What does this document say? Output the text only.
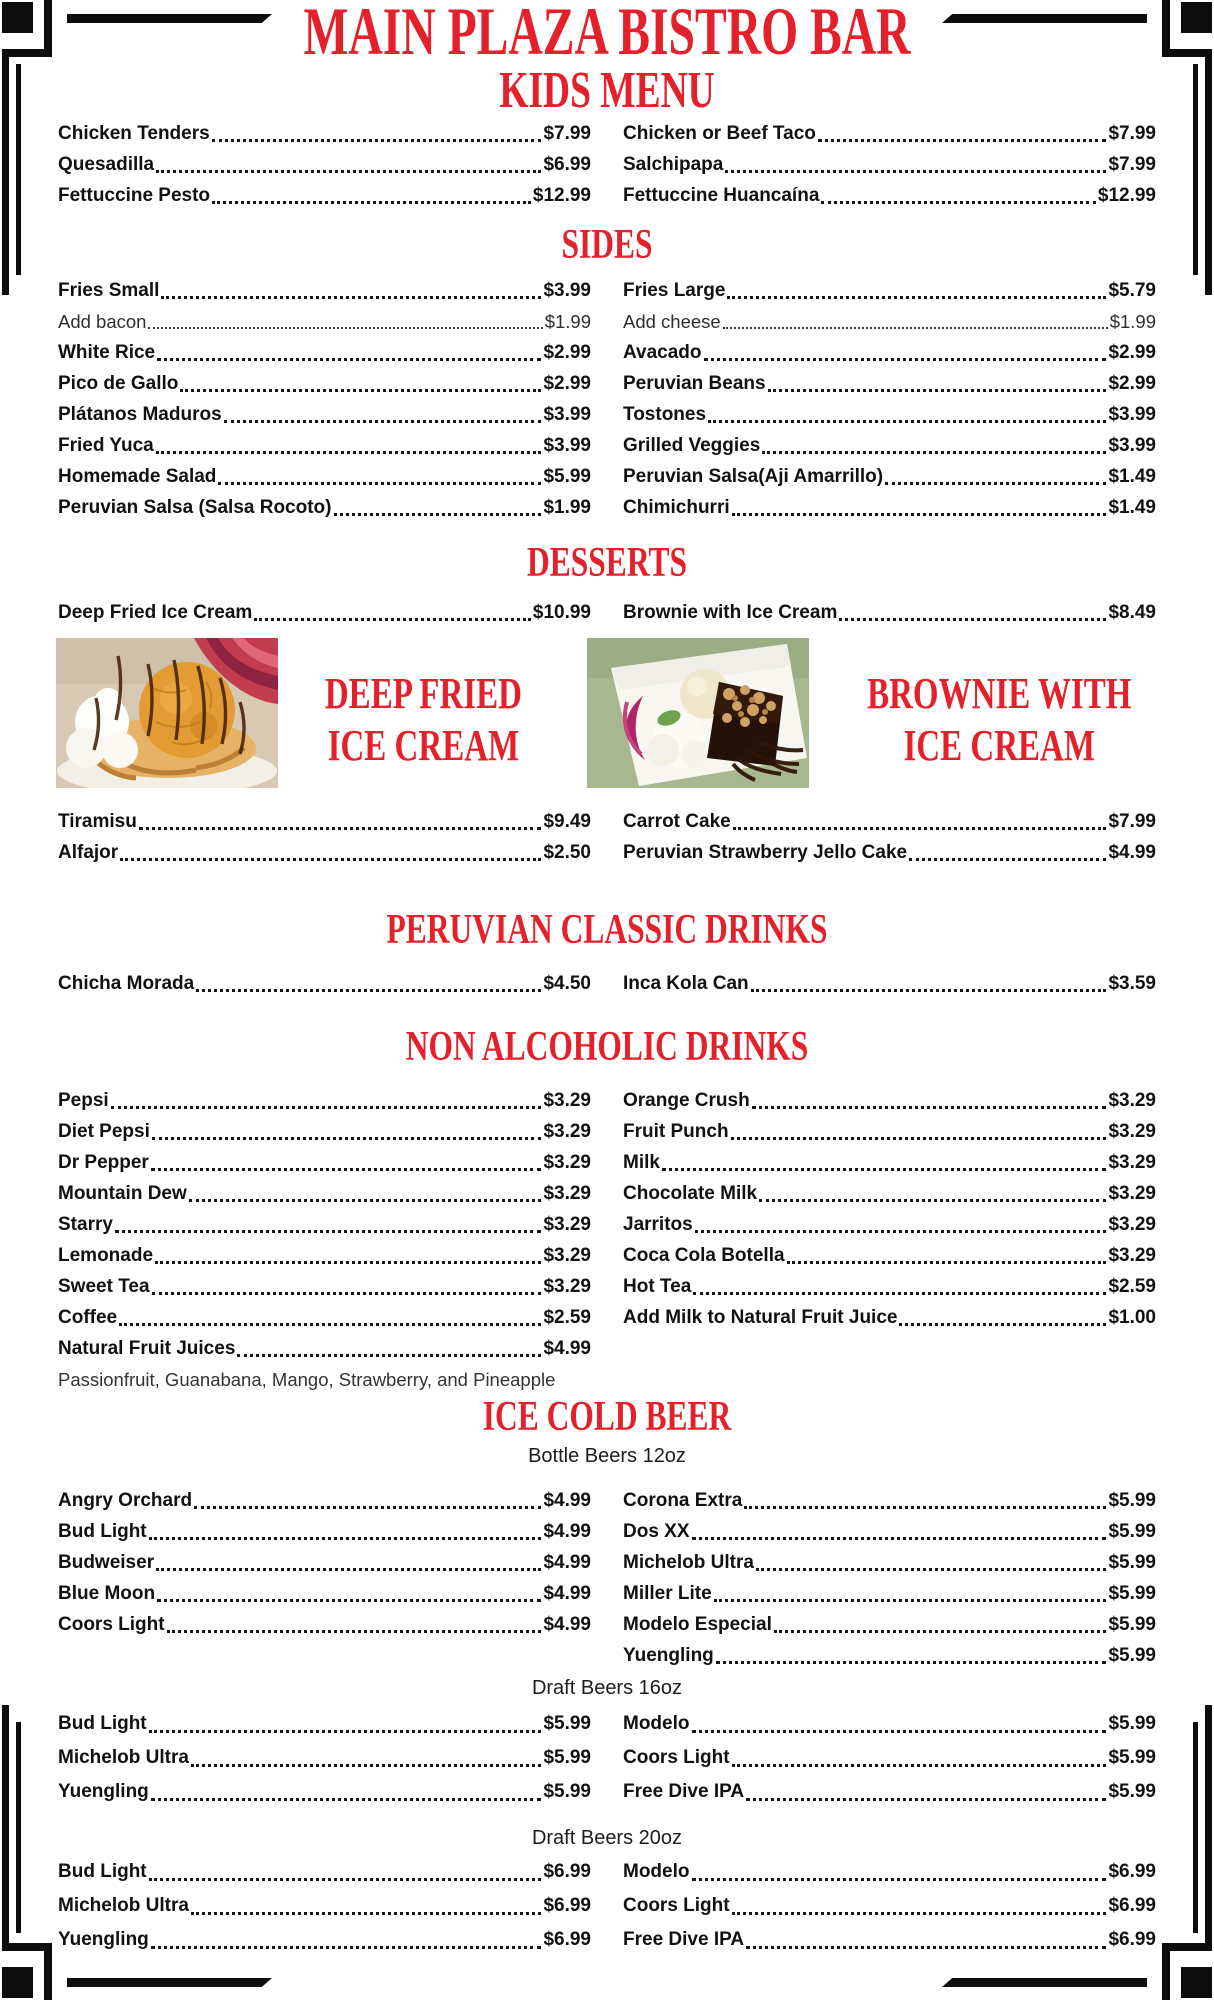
MAIN PLAZA BISTRO BAR
KIDS MENU
Chicken Tenders	$7.99
Quesadilla	$6.99
Fettuccine Pesto	$12.99
Chicken or Beef Taco	$7.99
Salchipapa	$7.99
Fettuccine Huancaína	$12.99
SIDES
Fries Small	$3.99
Add bacon	$1.99
White Rice	$2.99
Pico de Gallo	$2.99
Plátanos Maduros	$3.99
Fried Yuca	$3.99
Homemade Salad	$5.99
Peruvian Salsa (Salsa Rocoto)	$1.99
Fries Large	$5.79
Add cheese	$1.99
Avacado	$2.99
Peruvian Beans	$2.99
Tostones	$3.99
Grilled Veggies	$3.99
Peruvian Salsa(Aji Amarrillo)	$1.49
Chimichurri	$1.49
DESSERTS
Deep Fried Ice Cream	$10.99 Brownie with Ice Cream	$8.49
DEEP FRIED
ICE CREAM
BROWNIE WITH
ICE CREAM
Tiramisu	$9.49
Alfajor	$2.50
Carrot Cake	$7.99
Peruvian Strawberry Jello Cake	$4.99
PERUVIAN CLASSIC DRINKS
Chicha Morada	$4.50 Inca Kola Can	$3.59
NON ALCOHOLIC DRINKS
Pepsi	$3.29
Diet Pepsi	$3.29
Dr Pepper	$3.29
Mountain Dew	$3.29
Starry	$3.29
Lemonade	$3.29
Sweet Tea	$3.29
Coffee	$2.59
Natural Fruit Juices	$4.99
Passionfruit, Guanabana, Mango, Strawberry, and Pineapple
Orange Crush	$3.29
Fruit Punch	$3.29
Milk	$3.29
Chocolate Milk	$3.29
Jarritos	$3.29
Coca Cola Botella	$3.29
Hot Tea	$2.59
Add Milk to Natural Fruit Juice	$1.00
ICE COLD BEER

Bottle Beers 12oz

Angry Orchard	$4.99
Bud Light	$4.99
Budweiser	$4.99
Blue Moon	$4.99
Coors Light	$4.99
Corona Extra	$5.99
Dos XX	$5.99
Michelob Ultra	$5.99
Miller Lite	$5.99
Modelo Especial	$5.99
Yuengling	$5.99

Draft Beers 16oz

Bud Light	$5.99
Michelob Ultra	$5.99
Yuengling	$5.99
Modelo	$5.99
Coors Light	$5.99
Free Dive IPA	$5.99

Draft Beers 20oz

Bud Light	$6.99
Michelob Ultra	$6.99
Yuengling	$6.99
Modelo	$6.99
Coors Light	$6.99
Free Dive IPA	$6.99
